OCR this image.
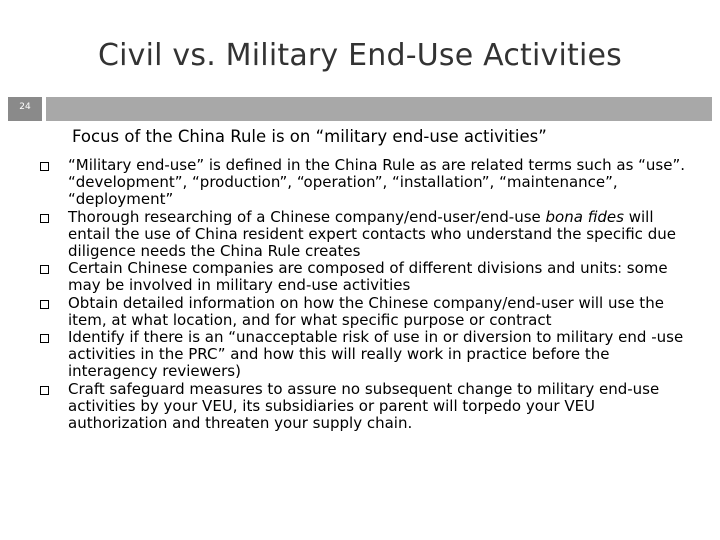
Civil vs. Military End-Use Activities
24
Focus of the China Rule is on “military end-use activities”
“Military end-use” is defined in the China Rule as are related terms such as “use”. “development”, “production”, “operation”, “installation”, “maintenance”, “deployment”
Thorough researching of a Chinese company/end-user/end-use bona fides will entail the use of China resident expert contacts who understand the specific due diligence needs the China Rule creates
Certain Chinese companies are composed of different divisions and units: some may be involved in military end-use activities
Obtain detailed information on how the Chinese company/end-user will use the item, at what location, and for what specific purpose or contract
Identify if there is an “unacceptable risk of use in or diversion to military end -use activities in the PRC” and how this will really work in practice before the interagency reviewers)
Craft safeguard measures to assure no subsequent change to military end-use activities by your VEU, its subsidiaries or parent will torpedo your VEU authorization and threaten your supply chain.
